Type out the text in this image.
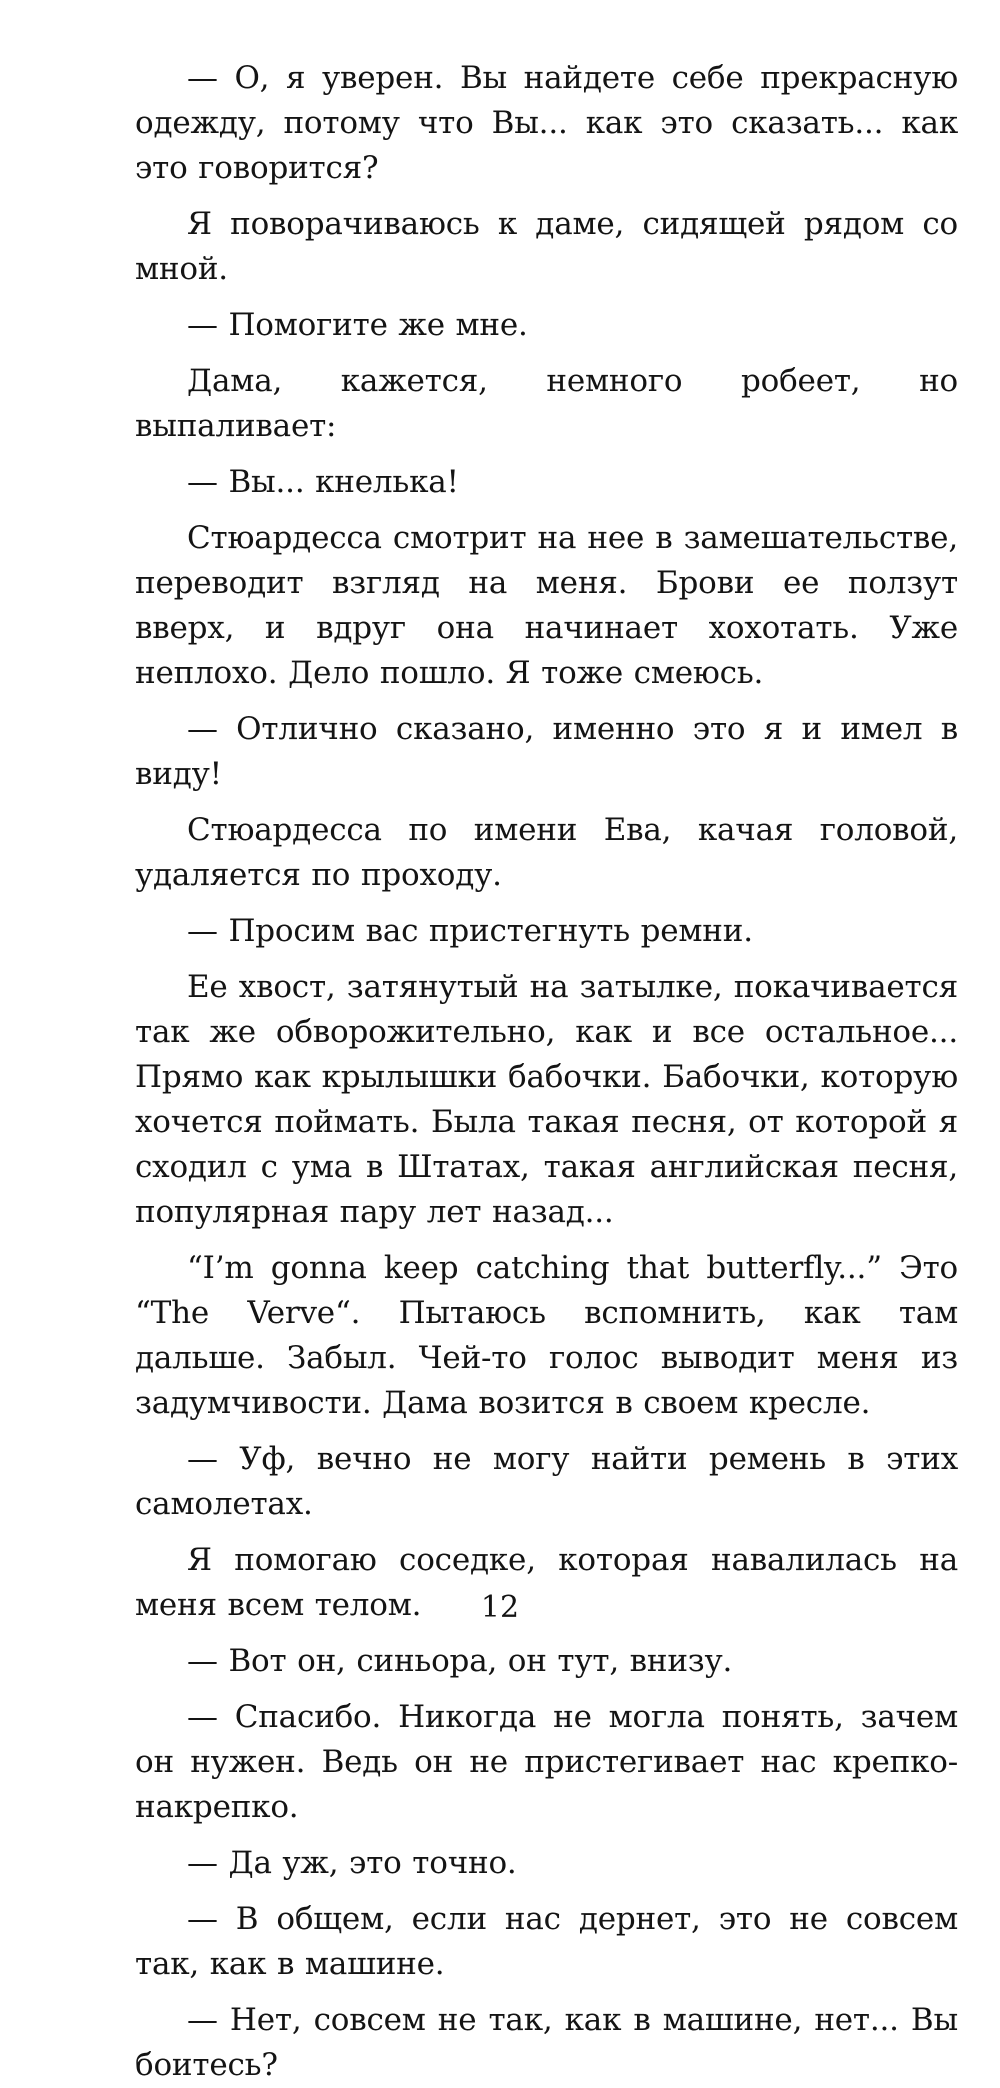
— О, я уверен. Вы найдете себе прекрасную одежду, потому что Вы... как это сказать... как это говорится?

Я поворачиваюсь к даме, сидящей рядом со мной.

— Помогите же мне.

Дама, кажется, немного робеет, но выпаливает:

— Вы... кнелька!

Стюардесса смотрит на нее в замешательстве, переводит взгляд на меня. Брови ее ползут вверх, и вдруг она начинает хохотать. Уже неплохо. Дело пошло. Я тоже смеюсь.

— Отлично сказано, именно это я и имел в виду!

Стюардесса по имени Ева, качая головой, удаляется по проходу.

— Просим вас пристегнуть ремни.

Ее хвост, затянутый на затылке, покачивается так же обворожительно, как и все остальное... Прямо как крылышки бабочки. Бабочки, которую хочется поймать. Была такая песня, от которой я сходил с ума в Штатах, такая английская песня, популярная пару лет назад...

“I’m gonna keep catching that butterfly...” Это “The Verve“. Пытаюсь вспомнить, как там дальше. Забыл. Чей-то голос выводит меня из задумчивости. Дама возится в своем кресле.

— Уф, вечно не могу найти ремень в этих самолетах.

Я помогаю соседке, которая навалилась на меня всем телом.

— Вот он, синьора, он тут, внизу.

— Спасибо. Никогда не могла понять, зачем он нужен. Ведь он не пристегивает нас крепко-накрепко.

— Да уж, это точно.

— В общем, если нас дернет, это не совсем так, как в машине.

— Нет, совсем не так, как в машине, нет... Вы боитесь?

12
